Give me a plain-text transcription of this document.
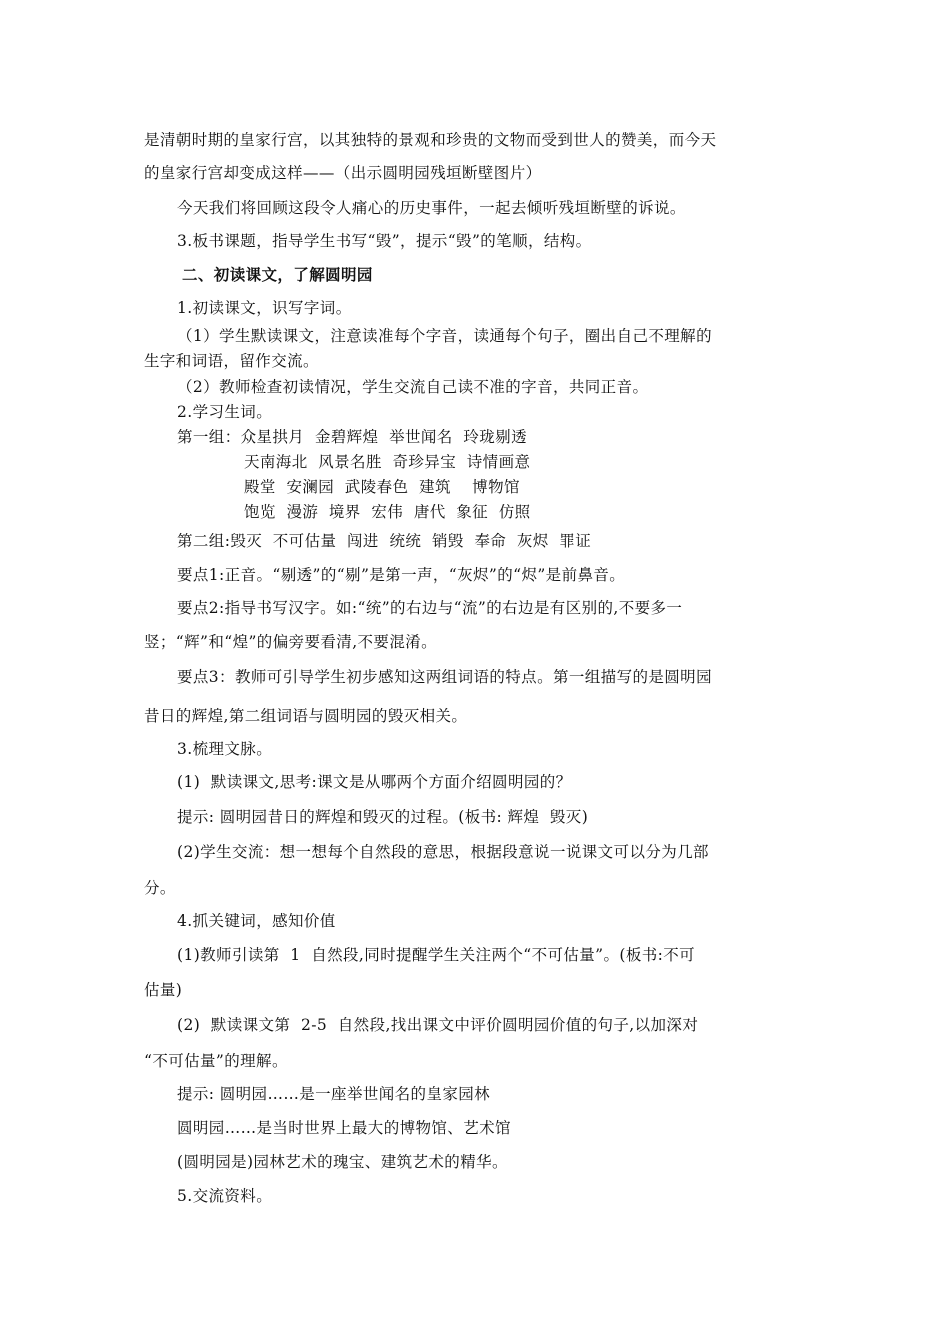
是清朝时期的皇家行宫，以其独特的景观和珍贵的文物而受到世人的赞美，而今天
的皇家行宫却变成这样——（出示圆明园残垣断壁图片）
今天我们将回顾这段令人痛心的历史事件，一起去倾听残垣断壁的诉说。
3.板书课题，指导学生书写“毁”，提示“毁”的笔顺，结构。
二、初读课文，了解圆明园
1.初读课文，识写字词。
（1）学生默读课文，注意读准每个字音，读通每个句子，圈出自己不理解的
生字和词语，留作交流。
（2）教师检查初读情况，学生交流自己读不准的字音，共同正音。
2.学习生词。
第一组：众星拱月  金碧辉煌  举世闻名  玲珑剔透
天南海北  风景名胜  奇珍异宝  诗情画意
殿堂  安澜园  武陵春色  建筑    博物馆
饱览  漫游  境界  宏伟  唐代  象征  仿照
第二组:毁灭  不可估量  闯进  统统  销毁  奉命  灰烬  罪证
要点1:正音。“剔透”的“剔”是第一声，“灰烬”的“烬”是前鼻音。
要点2:指导书写汉字。如:“统”的右边与“流”的右边是有区别的,不要多一
竖；“辉”和“煌”的偏旁要看清,不要混淆。
要点3：教师可引导学生初步感知这两组词语的特点。第一组描写的是圆明园
昔日的辉煌,第二组词语与圆明园的毁灭相关。
3.梳理文脉。
(1)  默读课文,思考:课文是从哪两个方面介绍圆明园的？
提示: 圆明园昔日的辉煌和毁灭的过程。(板书: 辉煌  毁灭)
(2)学生交流：想一想每个自然段的意思，根据段意说一说课文可以分为几部
分。
4.抓关键词，感知价值
(1)教师引读第  1  自然段,同时提醒学生关注两个“不可估量”。(板书:不可
估量)
(2)  默读课文第  2-5  自然段,找出课文中评价圆明园价值的句子,以加深对
“不可估量”的理解。
提示: 圆明园……是一座举世闻名的皇家园林
圆明园……是当时世界上最大的博物馆、艺术馆
(圆明园是)园林艺术的瑰宝、建筑艺术的精华。
5.交流资料。
